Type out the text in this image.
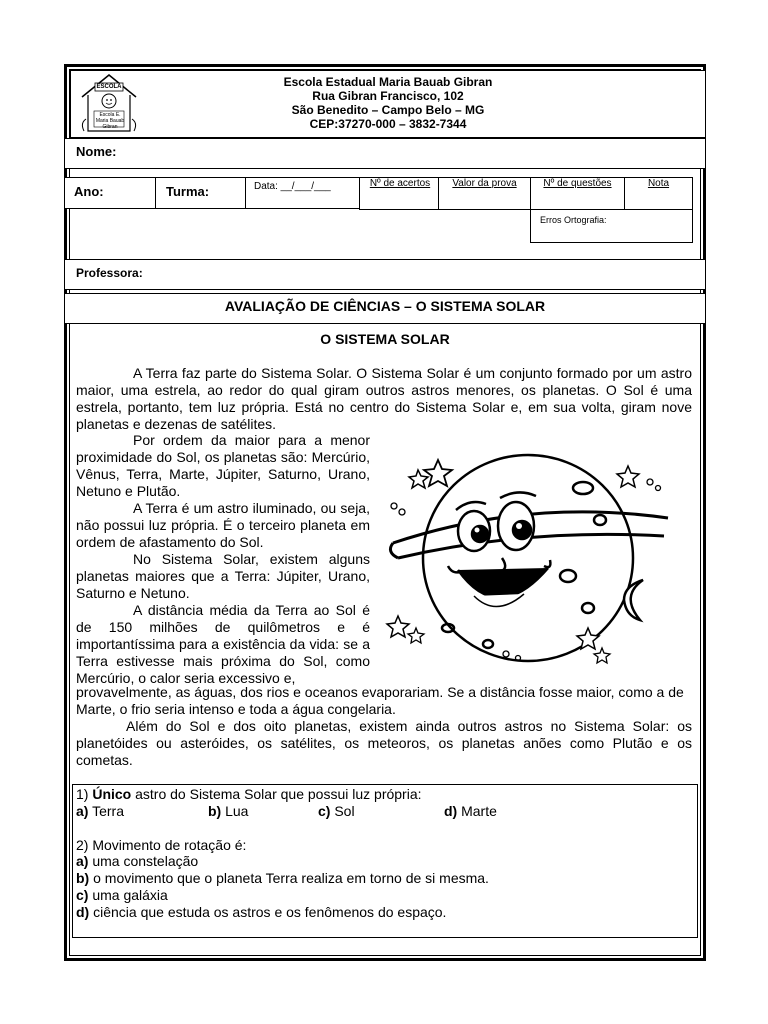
ESCOLA
Escola E. Maria Bauab Gibran
Escola Estadual Maria Bauab Gibran
Rua Gibran Francisco, 102
São Benedito – Campo Belo – MG
CEP:37270-000 – 3832-7344
Nome:
Ano:	Turma:	Data: __/___/___	Nº de acertos	Valor da prova	Nº de questões	Nota
Erros Ortografia:
Professora:
AVALIAÇÃO DE CIÊNCIAS – O SISTEMA SOLAR
O SISTEMA SOLAR
A Terra faz parte do Sistema Solar. O Sistema Solar é um conjunto formado por um astro maior, uma estrela, ao redor do qual giram outros astros menores, os planetas. O Sol é uma estrela, portanto, tem luz própria. Está no centro do Sistema Solar e, em sua volta, giram nove planetas e dezenas de satélites.
Por ordem da maior para a menor proximidade do Sol, os planetas são: Mercúrio, Vênus, Terra, Marte, Júpiter, Saturno, Urano, Netuno e Plutão.
A Terra é um astro iluminado, ou seja, não possui luz própria. É o terceiro planeta em ordem de afastamento do Sol.
No Sistema Solar, existem alguns planetas maiores que a Terra: Júpiter, Urano, Saturno e Netuno.
A distância média da Terra ao Sol é de 150 milhões de quilômetros e é importantíssima para a existência da vida: se a Terra estivesse mais próxima do Sol, como Mercúrio, o calor seria excessivo e,
provavelmente, as águas, dos rios e oceanos evaporariam. Se a distância fosse maior, como a de Marte, o frio seria intenso e toda a água congelaria.
Além do Sol e dos oito planetas, existem ainda outros astros no Sistema Solar: os planetóides ou asteróides, os satélites, os meteoros, os planetas anões como Plutão e os cometas.
1) Único astro do Sistema Solar que possui luz própria:
a) Terra	b) Lua	c) Sol	d) Marte
2) Movimento de rotação é:
a) uma constelação
b) o movimento que o planeta Terra realiza em torno de si mesma.
c) uma galáxia
d) ciência que estuda os astros e os fenômenos do espaço.
